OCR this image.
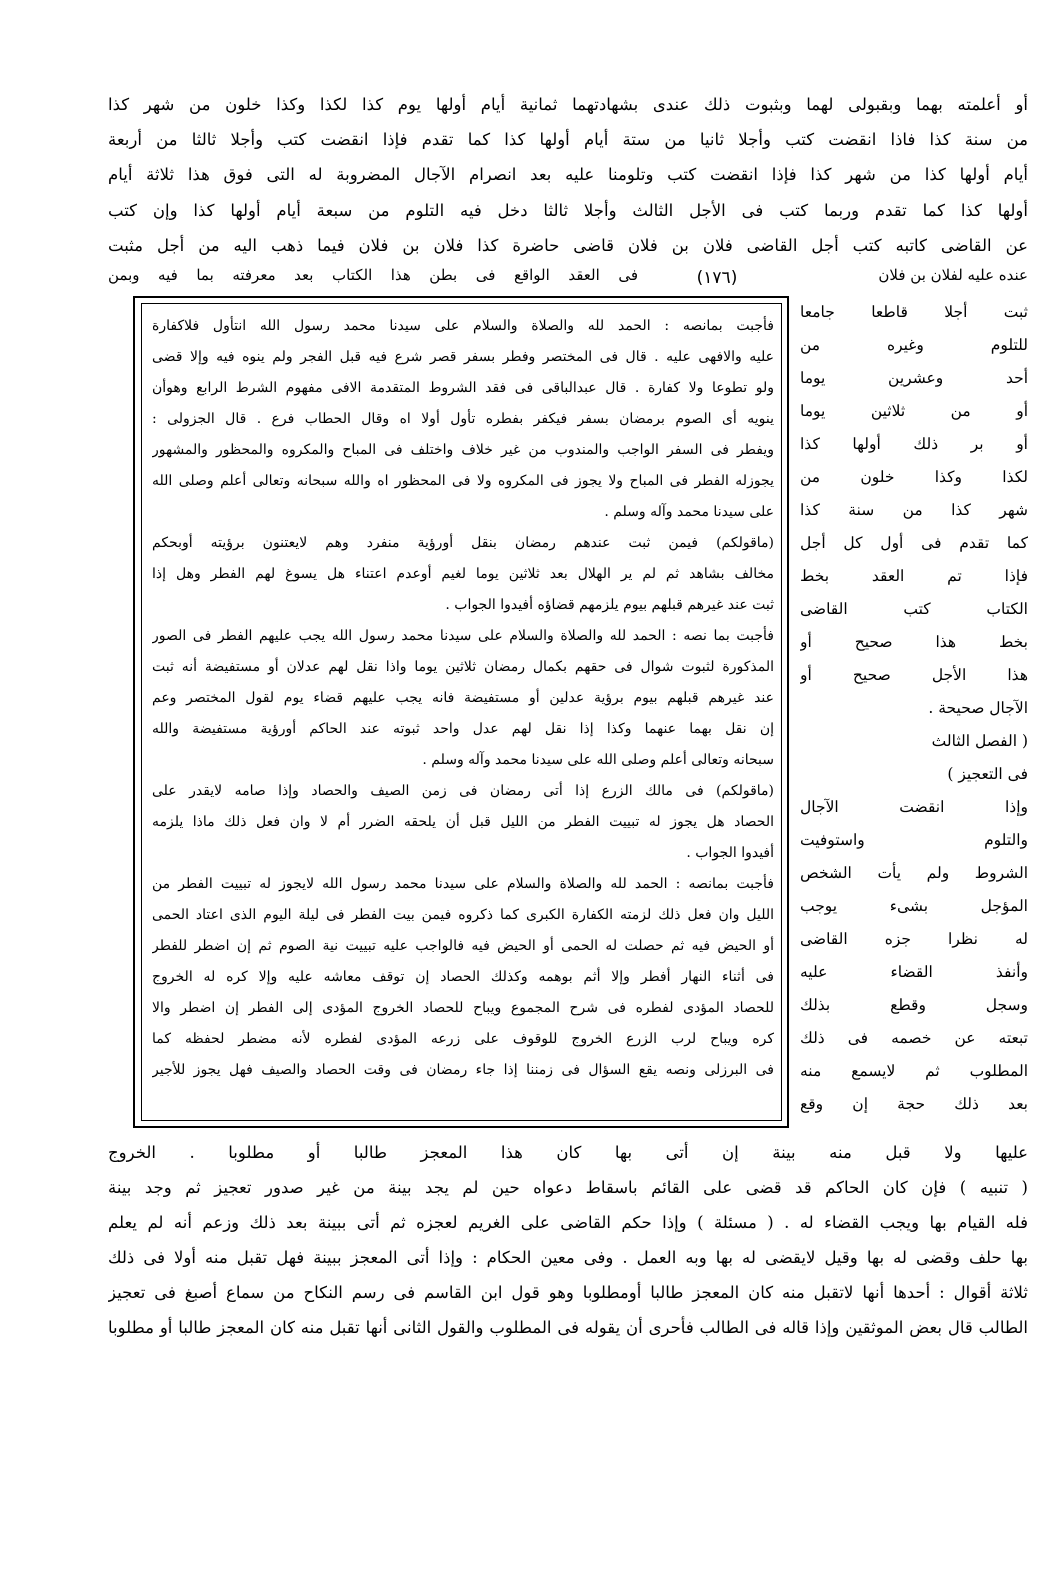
أو أعلمته بهما وبقبولى لهما وبثبوت ذلك عندى بشهادتهما ثمانية أيام أولها يوم كذا لكذا وكذا خلون من شهر كذا
من سنة كذا فاذا انقضت كتب وأجلا ثانيا من ستة أيام أولها كذا كما تقدم فإذا انقضت كتب وأجلا ثالثا من أربعة
أيام أولها كذا من شهر كذا فإذا انقضت كتب وتلومنا عليه بعد انصرام الآجال المضروبة له التى فوق هذا ثلاثة أيام
أولها كذا كما تقدم وربما كتب فى الأجل الثالث وأجلا ثالثا دخل فيه التلوم من سبعة أيام أولها كذا وإن كتب
عن القاضى كاتبه كتب أجل القاضى فلان بن فلان قاضى حاضرة كذا فلان بن فلان فيما ذهب اليه من أجل مثبت
عنده عليه لفلان بن فلان
(١٧٦)
فى العقد الواقع فى بطن هذا الكتاب بعد معرفته بما فيه وبمن
فأجبت بمانصه : الحمد لله والصلاة والسلام على سيدنا محمد رسول الله انتأول فلاكفارة
عليه والافهى عليه . قال فى المختصر وفطر بسفر قصر شرع فيه قبل الفجر ولم ينوه فيه وإلا قضى
ولو تطوعا ولا كفارة . قال عبدالباقى فى فقد الشروط المتقدمة الافى مفهوم الشرط الرابع وهوأن
ينويه أى الصوم برمضان بسفر فيكفر بفطره تأول أولا اه وقال الحطاب فرع . قال الجزولى :
ويفطر فى السفر الواجب والمندوب من غير خلاف واختلف فى المباح والمكروه والمحظور والمشهور
يجوزله الفطر فى المباح ولا يجوز فى المكروه ولا فى المحظور اه والله سبحانه وتعالى أعلم وصلى الله
على سيدنا محمد وآله وسلم .
(ماقولكم) فيمن ثبت عندهم رمضان بنقل أورؤية منفرد وهم لايعتنون برؤيته أوبحكم
مخالف بشاهد ثم لم ير الهلال بعد ثلاثين يوما لغيم أوعدم اعتناء هل يسوغ لهم الفطر وهل إذا
ثبت عند غيرهم قبلهم بيوم يلزمهم قضاؤه أفيدوا الجواب .
فأجبت بما نصه : الحمد لله والصلاة والسلام على سيدنا محمد رسول الله يجب عليهم الفطر فى الصور
المذكورة لثبوت شوال فى حقهم بكمال رمضان ثلاثين يوما واذا نقل لهم عدلان أو مستفيضة أنه ثبت
عند غيرهم قبلهم بيوم برؤية عدلين أو مستفيضة فانه يجب عليهم قضاء يوم لقول المختصر وعم
إن نقل بهما عنهما وكذا إذا نقل لهم عدل واحد ثبوته عند الحاكم أورؤية مستفيضة والله
سبحانه وتعالى أعلم وصلى الله على سيدنا محمد وآله وسلم .
(ماقولكم) فى مالك الزرع إذا أتى رمضان فى زمن الصيف والحصاد وإذا صامه لايقدر على
الحصاد هل يجوز له تبييت الفطر من الليل قبل أن يلحقه الضرر أم لا وان فعل ذلك ماذا يلزمه
أفيدوا الجواب .
فأجبت بمانصه : الحمد لله والصلاة والسلام على سيدنا محمد رسول الله لايجوز له تبييت الفطر من
الليل وان فعل ذلك لزمته الكفارة الكبرى كما ذكروه فيمن بيت الفطر فى ليلة اليوم الذى اعتاد الحمى
أو الحيض فيه ثم حصلت له الحمى أو الحيض فيه فالواجب عليه تبييت نية الصوم ثم إن اضطر للفطر
فى أثناء النهار أفطر وإلا أثم بوهمه وكذلك الحصاد إن توقف معاشه عليه وإلا كره له الخروج
للحصاد المؤدى لفطره فى شرح المجموع ويباح للحصاد الخروج المؤدى إلى الفطر إن اضطر والا
كره ويباح لرب الزرع الخروج للوقوف على زرعه المؤدى لفطره لأنه مضطر لحفظه كما
فى البرزلى ونصه يقع السؤال فى زمننا إذا جاء رمضان فى وقت الحصاد والصيف فهل يجوز للأجير
ثبت أجلا قاطعا جامعا
للتلوم وغيره من
أحد وعشرين يوما
أو من ثلاثين يوما
أو بر ذلك أولها كذا
لكذا وكذا خلون من
شهر كذا من سنة كذا
كما تقدم فى أول كل أجل
فإذا تم العقد بخط
الكتاب كتب القاضى
بخط هذا صحيح أو
هذا الأجل صحيح أو
الآجال صحيحة .
( الفصل الثالث
فى التعجيز )
وإذا انقضت الآجال
والتلوم واستوفيت
الشروط ولم يأت الشخص
المؤجل بشىء يوجب
له نظرا جزه القاضى
وأنفذ القضاء عليه
وسجل وقطع بذلك
تبعته عن خصمه فى ذلك
المطلوب ثم لايسمع منه
بعد ذلك حجة إن وقع
عليها ولا قبل منه بينة إن أتى بها كان هذا المعجز طالبا أو مطلوبا . الخروج
( تنبيه ) فإن كان الحاكم قد قضى على القائم باسقاط دعواه حين لم يجد بينة من غير صدور تعجيز ثم وجد بينة
فله القيام بها ويجب القضاء له . ( مسئلة ) وإذا حكم القاضى على الغريم لعجزه ثم أتى ببينة بعد ذلك وزعم أنه لم يعلم
بها حلف وقضى له بها وقيل لايقضى له بها وبه العمل . وفى معين الحكام : وإذا أتى المعجز ببينة فهل تقبل منه أولا فى ذلك
ثلاثة أقوال : أحدها أنها لاتقبل منه كان المعجز طالبا أومطلوبا وهو قول ابن القاسم فى رسم النكاح من سماع أصبغ فى تعجيز
الطالب قال بعض الموثقين وإذا قاله فى الطالب فأحرى أن يقوله فى المطلوب والقول الثانى أنها تقبل منه كان المعجز طالبا أو مطلوبا
